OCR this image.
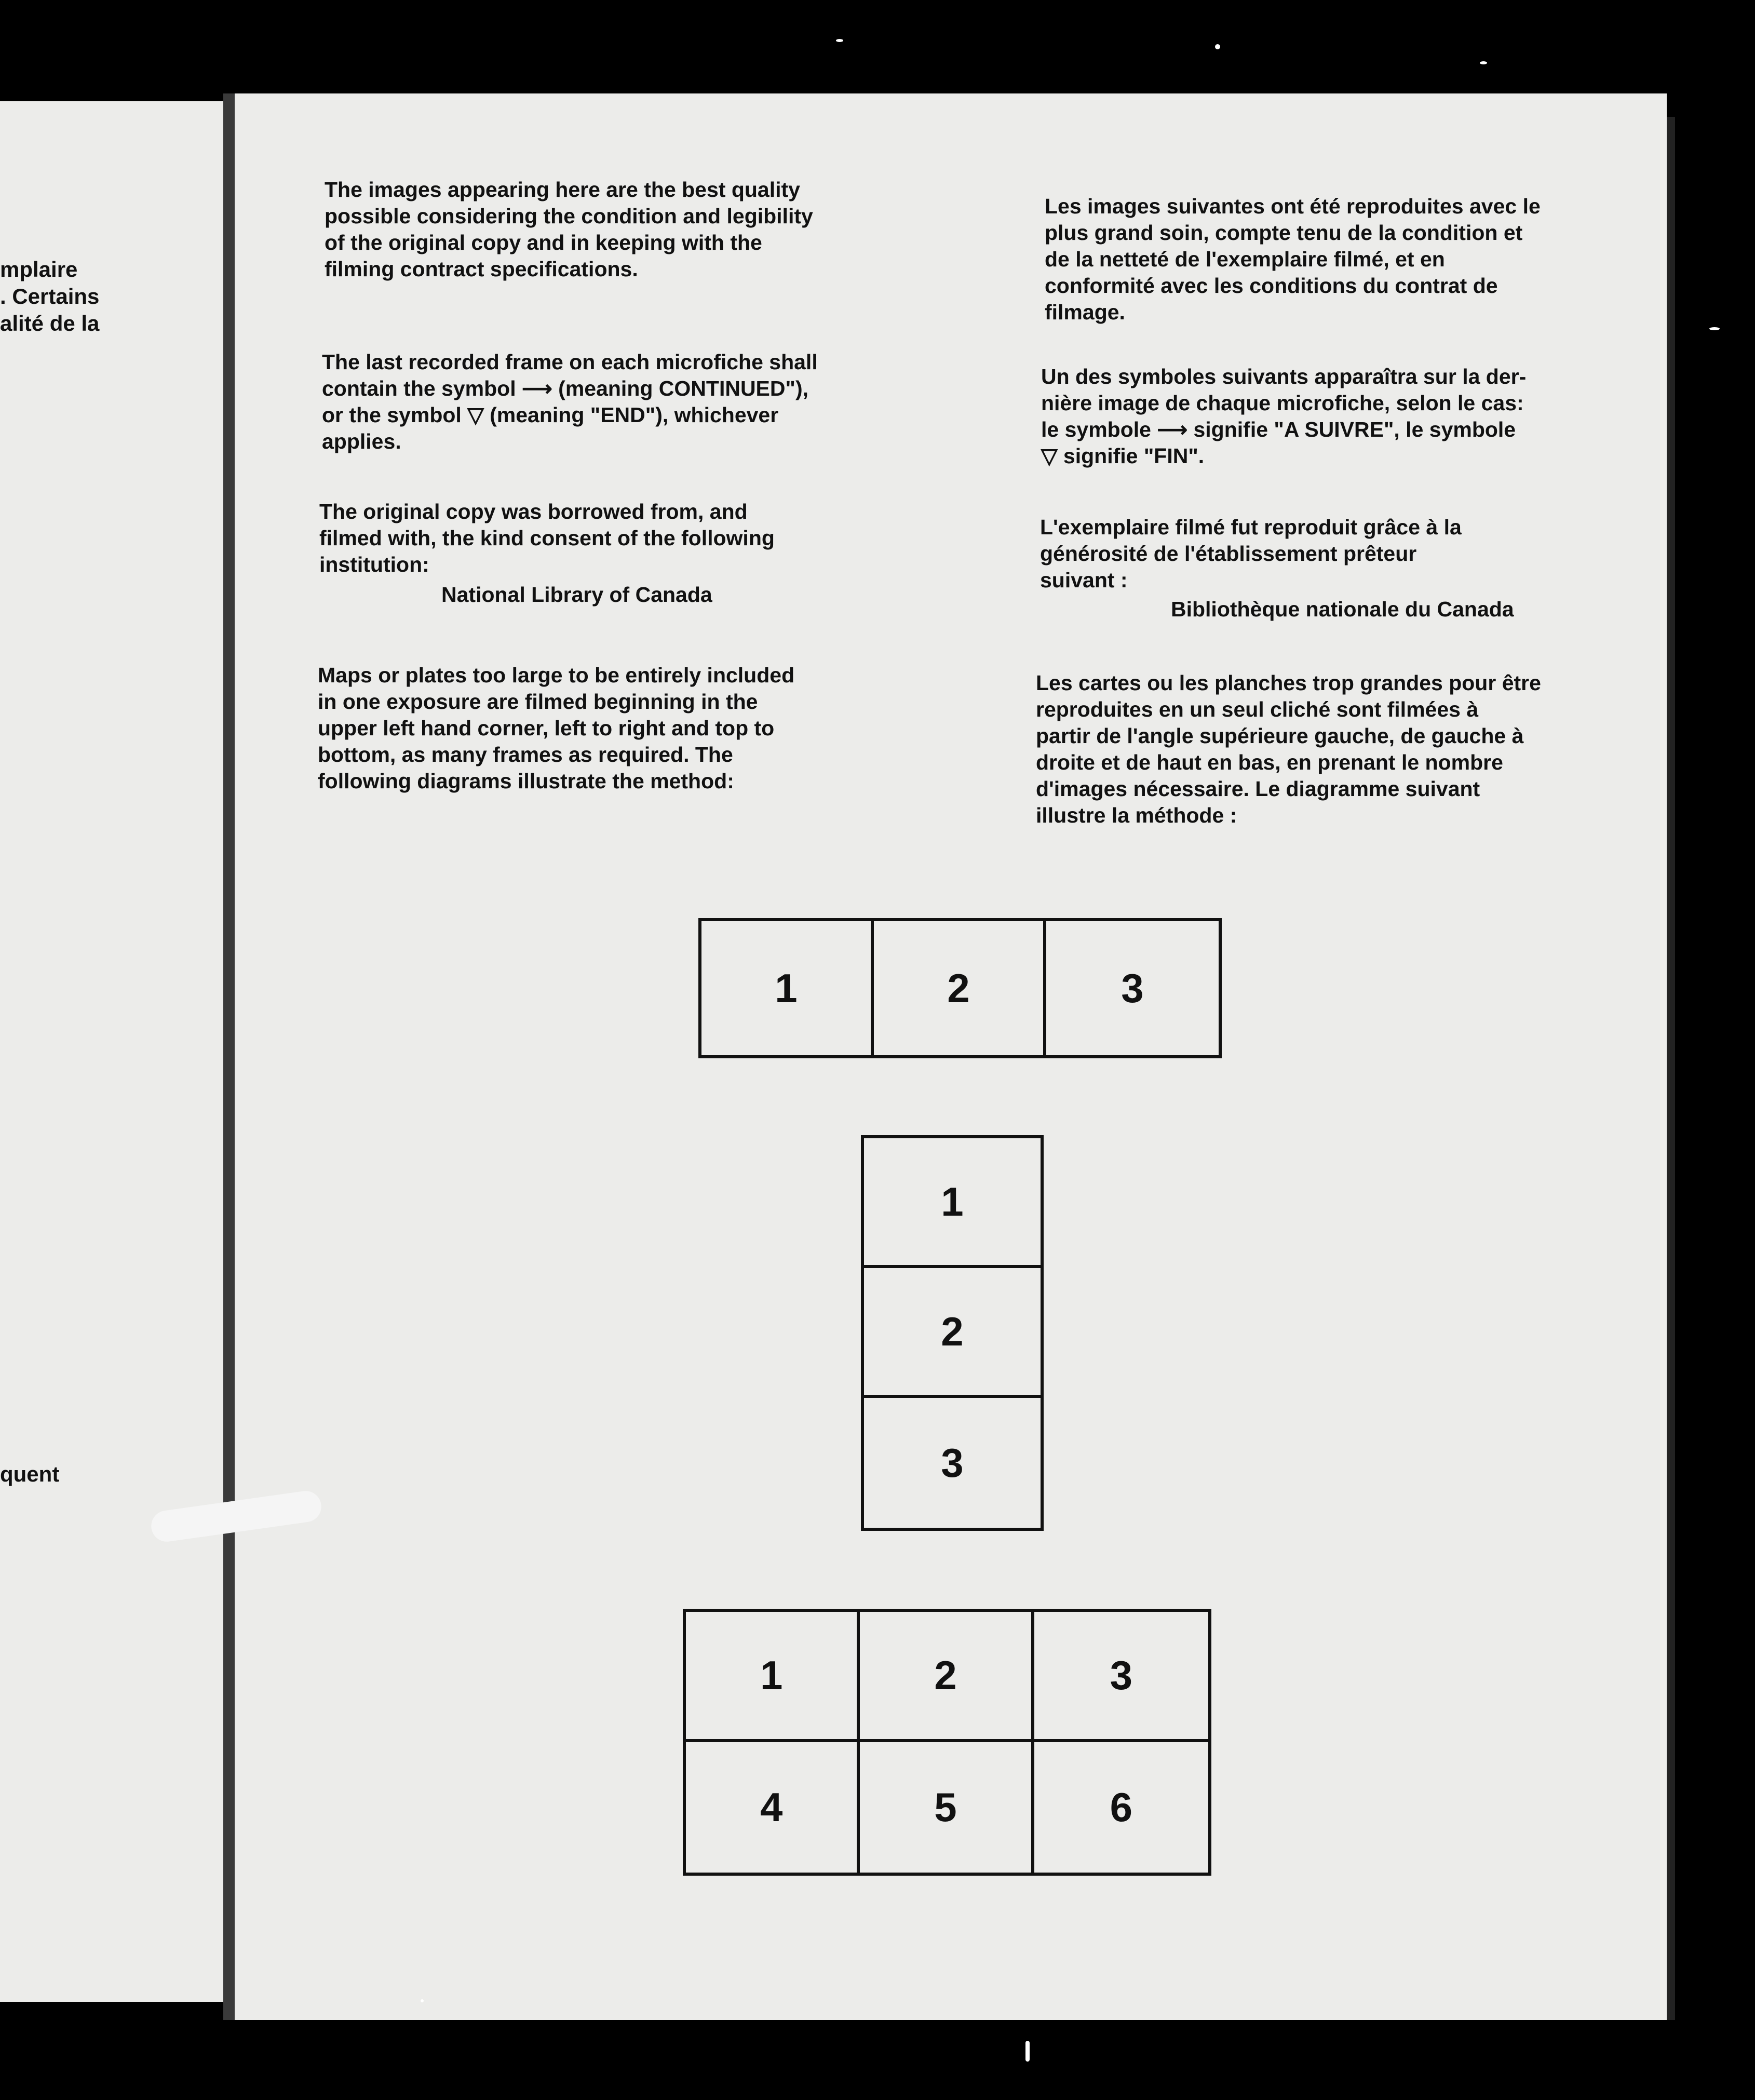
mplaire
. Certains
alité de la
quent

The images appearing here are the best quality
possible considering the condition and legibility
of the original copy and in keeping with the
filming contract specifications.

The last recorded frame on each microfiche shall
contain the symbol ⟶ (meaning CONTINUED"),
or the symbol ▽ (meaning "END"), whichever
applies.

The original copy was borrowed from, and
filmed with, the kind consent of the following
institution:

National Library of Canada

Maps or plates too large to be entirely included
in one exposure are filmed beginning in the
upper left hand corner, left to right and top to
bottom, as many frames as required. The
following diagrams illustrate the method:

Les images suivantes ont été reproduites avec le
plus grand soin, compte tenu de la condition et
de la netteté de l'exemplaire filmé, et en
conformité avec les conditions du contrat de
filmage.

Un des symboles suivants apparaîtra sur la der-
nière image de chaque microfiche, selon le cas:
le symbole ⟶ signifie "A SUIVRE", le symbole
▽ signifie "FIN".

L'exemplaire filmé fut reproduit grâce à la
générosité de l'établissement prêteur
suivant :

Bibliothèque nationale du Canada

Les cartes ou les planches trop grandes pour être
reproduites en un seul cliché sont filmées à
partir de l'angle supérieure gauche, de gauche à
droite et de haut en bas, en prenant le nombre
d'images nécessaire. Le diagramme suivant
illustre la méthode :

1	2	3
1
2
3
1	2	3
4	5	6
